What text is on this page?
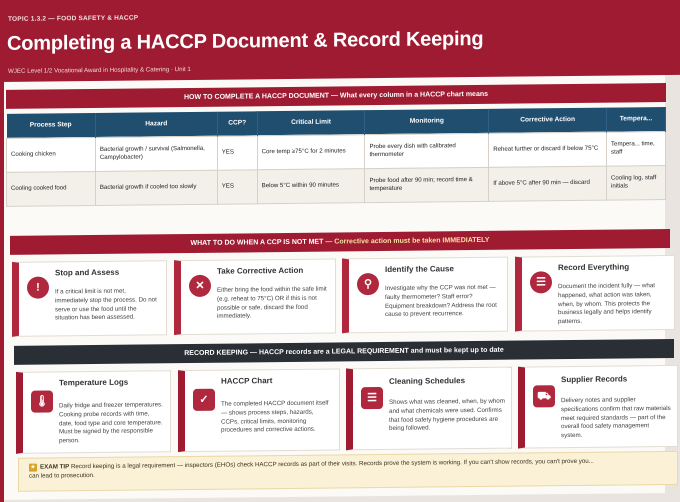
TOPIC 1.3.2 — FOOD SAFETY & HACCP
Completing a HACCP Document & Record Keeping
WJEC Level 1/2 Vocational Award in Hospitality & Catering · Unit 1
HOW TO COMPLETE A HACCP DOCUMENT — What every column in a HACCP chart means
Process Step	Hazard	CCP?	Critical Limit	Monitoring	Corrective Action	Tempera...
Cooking chicken	Bacterial growth / survival (Salmonella, Campylobacter)	YES	Core temp ≥75°C for 2 minutes	Probe every dish with calibrated thermometer	Reheat further or discard if below 75°C	Tempera... time, staff
Cooling cooked food	Bacterial growth if cooled too slowly	YES	Below 5°C within 90 minutes	Probe food after 90 min; record time & temperature	If above 5°C after 90 min — discard	Cooling log, staff initials
WHAT TO DO WHEN A CCP IS NOT MET — Corrective action must be taken IMMEDIATELY
!
Stop and Assess

If a critical limit is not met, immediately stop the process. Do not serve or use the food until the situation has been assessed.

✕
Take Corrective Action

Either bring the food within the safe limit (e.g. reheat to 75°C) OR if this is not possible or safe, discard the food immediately.

⚲
Identify the Cause

Investigate why the CCP was not met — faulty thermometer? Staff error? Equipment breakdown? Address the root cause to prevent recurrence.

☰
Record Everything

Document the incident fully — what happened, what action was taken, when, by whom. This protects the business legally and helps identify patterns.

RECORD KEEPING — HACCP records are a LEGAL REQUIREMENT and must be kept up to date
🌡
Temperature Logs

Daily fridge and freezer temperatures. Cooking probe records with time, date, food type and core temperature. Must be signed by the responsible person.

✓
HACCP Chart

The completed HACCP document itself — shows process steps, hazards, CCPs, critical limits, monitoring procedures and corrective actions.

☰
Cleaning Schedules

Shows what was cleaned, when, by whom and what chemicals were used. Confirms that food safety hygiene procedures are being followed.

⛟
Supplier Records

Delivery notes and supplier specifications confirm that raw materials meet required standards — part of the overall food safety management system.

★ EXAM TIP Record keeping is a legal requirement — inspectors (EHOs) check HACCP records as part of their visits. Records prove the system is working. If you can't show records, you can't prove you...
can lead to prosecution.
